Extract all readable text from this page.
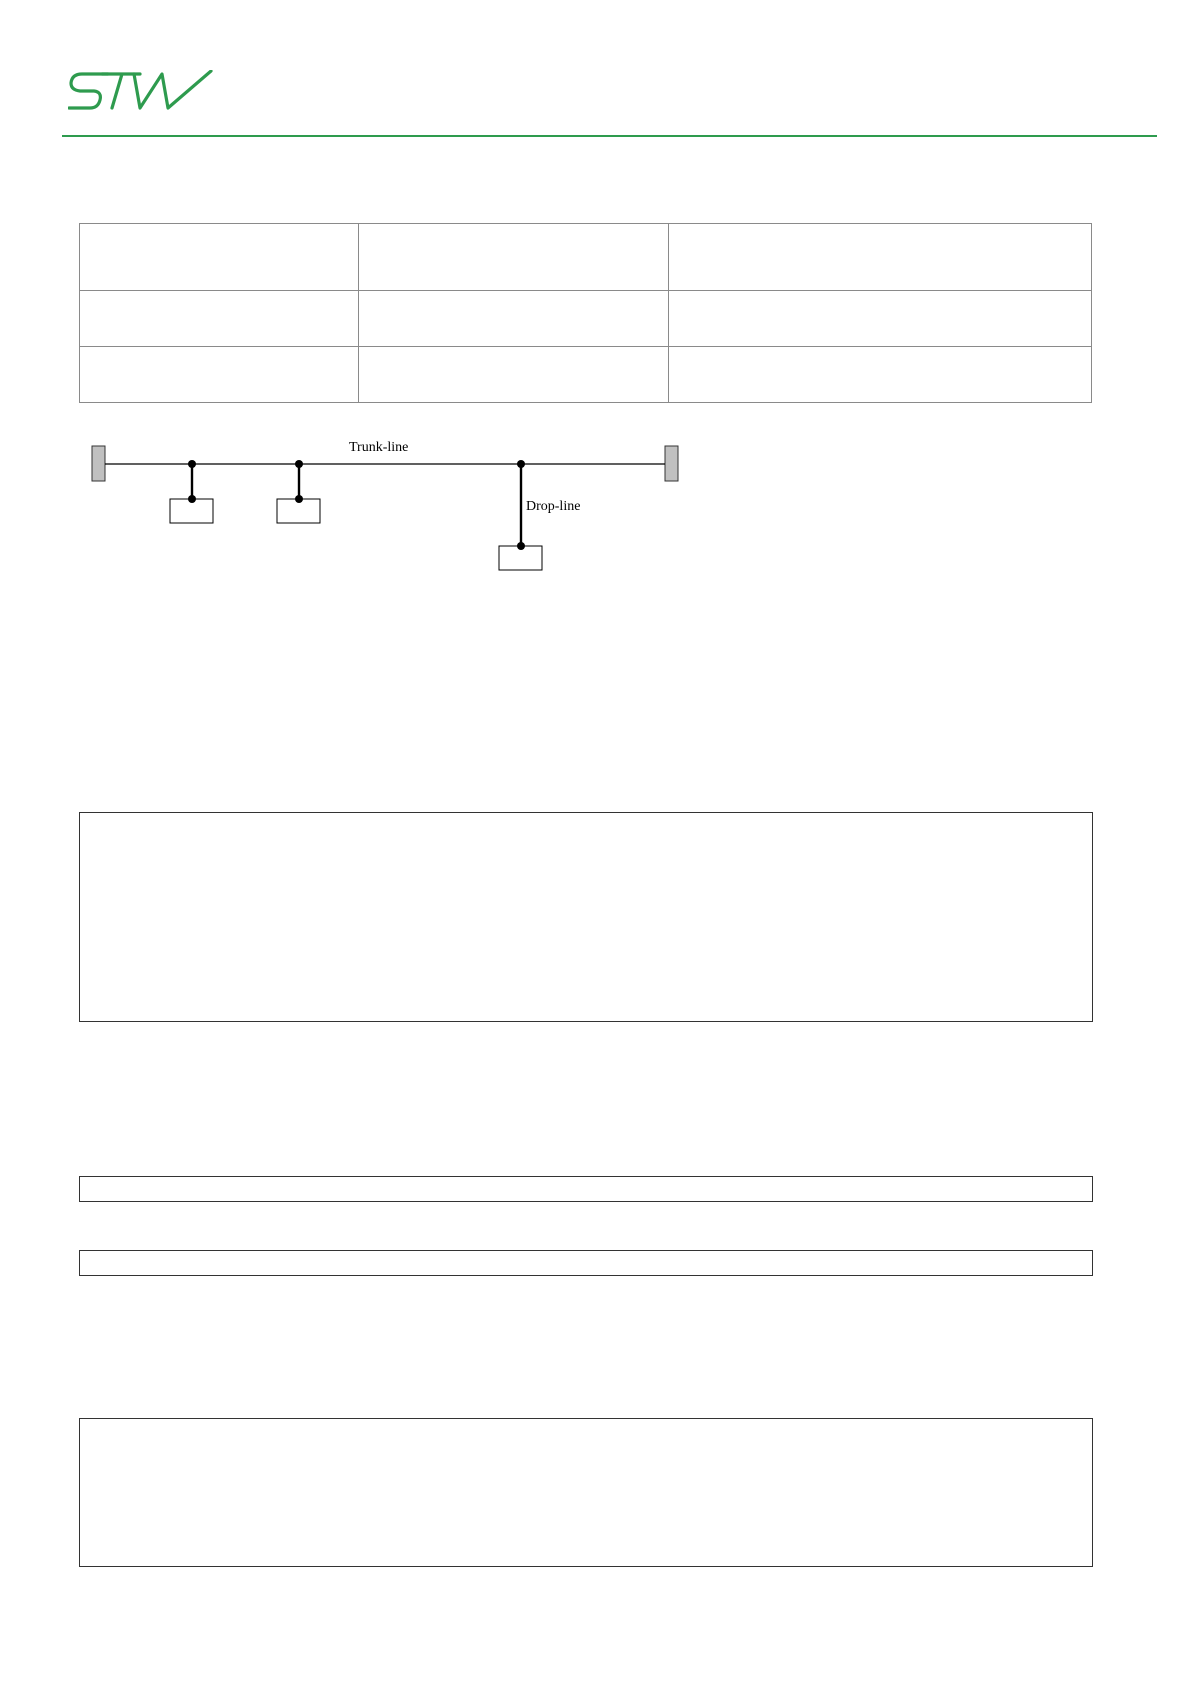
Trunk-line
Drop-line
